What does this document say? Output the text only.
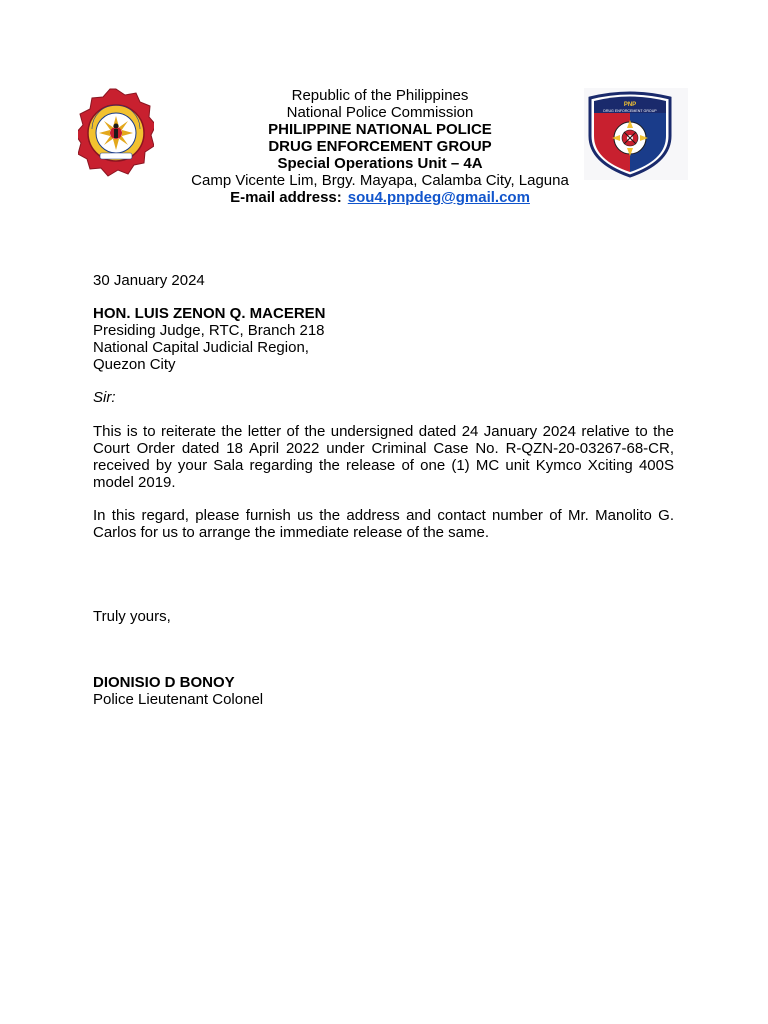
PNP
DRUG ENFORCEMENT GROUP
Republic of the Philippines
National Police Commission
PHILIPPINE NATIONAL POLICE
DRUG ENFORCEMENT GROUP
Special Operations Unit – 4A
Camp Vicente Lim, Brgy. Mayapa, Calamba City, Laguna
E-mail address: sou4.pnpdeg@gmail.com
30 January 2024
HON. LUIS ZENON Q. MACEREN
Presiding Judge, RTC, Branch 218
National Capital Judicial Region,
Quezon City
Sir:
This is to reiterate the letter of the undersigned dated 24 January 2024 relative to the Court Order dated 18 April 2022 under Criminal Case No. R-QZN-20-03267-68-CR, received by your Sala regarding the release of one (1) MC unit Kymco Xciting 400S model 2019.
In this regard, please furnish us the address and contact number of Mr. Manolito G. Carlos for us to arrange the immediate release of the same.
Truly yours,
DIONISIO D BONOY
Police Lieutenant Colonel
